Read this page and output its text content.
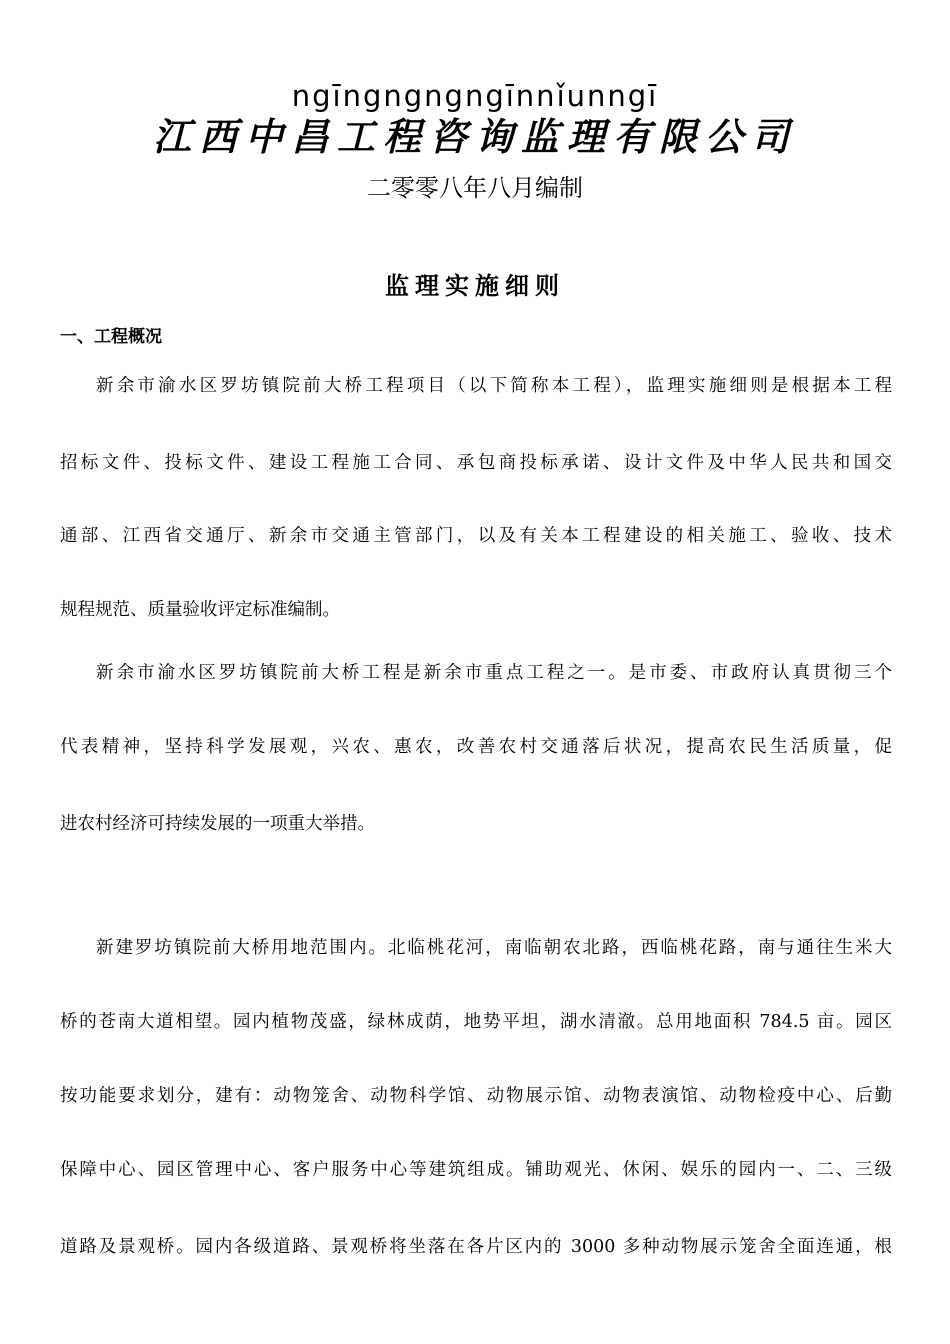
ngīngngngngīnnǐunngī
江西中昌工程咨询监理有限公司
二零零八年八月编制
监理实施细则
一、工程概况
新余市渝水区罗坊镇院前大桥工程项目（以下简称本工程），监理实施细则是根据本工程
招标文件、投标文件、建设工程施工合同、承包商投标承诺、设计文件及中华人民共和国交
通部、江西省交通厅、新余市交通主管部门，以及有关本工程建设的相关施工、验收、技术
规程规范、质量验收评定标准编制。
新余市渝水区罗坊镇院前大桥工程是新余市重点工程之一。是市委、市政府认真贯彻三个
代表精神，坚持科学发展观，兴农、惠农，改善农村交通落后状况，提高农民生活质量，促
进农村经济可持续发展的一项重大举措。
新建罗坊镇院前大桥用地范围内。北临桃花河，南临朝农北路，西临桃花路，南与通往生米大
桥的苍南大道相望。园内植物茂盛，绿林成荫，地势平坦，湖水清澈。总用地面积 784.5 亩。园区
按功能要求划分，建有：动物笼舍、动物科学馆、动物展示馆、动物表演馆、动物检疫中心、后勤
保障中心、园区管理中心、客户服务中心等建筑组成。铺助观光、休闲、娱乐的园内一、二、三级
道路及景观桥。园内各级道路、景观桥将坐落在各片区内的 3000 多种动物展示笼舍全面连通，根
